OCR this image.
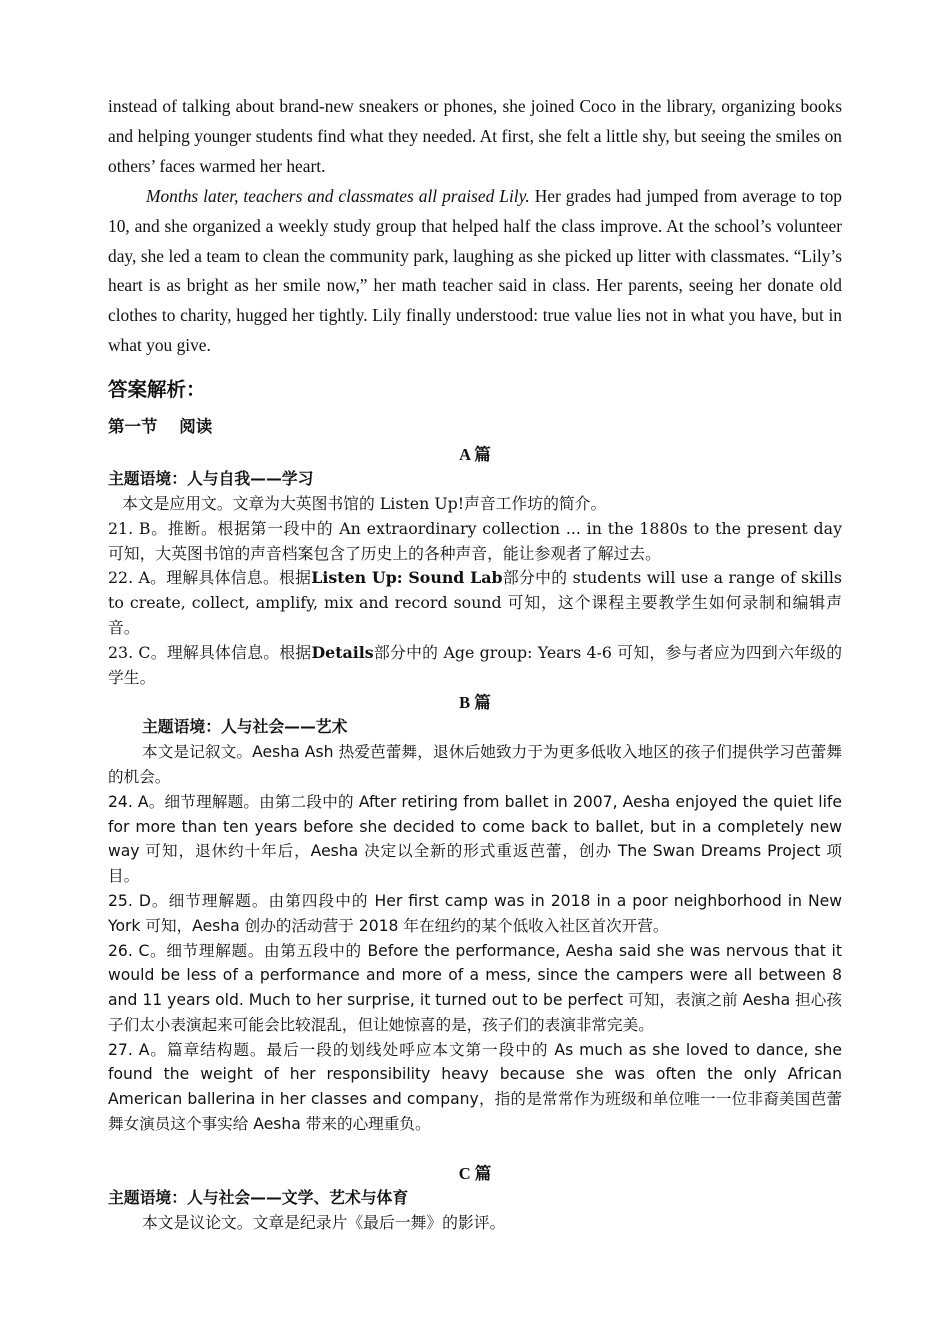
instead of talking about brand-new sneakers or phones, she joined Coco in the library, organizing books and helping younger students find what they needed. At first, she felt a little shy, but seeing the smiles on others’ faces warmed her heart.

Months later, teachers and classmates all praised Lily. Her grades had jumped from average to top 10, and she organized a weekly study group that helped half the class improve. At the school’s volunteer day, she led a team to clean the community park, laughing as she picked up litter with classmates. “Lily’s heart is as bright as her smile now,” her math teacher said in class. Her parents, seeing her donate old clothes to charity, hugged her tightly. Lily finally understood: true value lies not in what you have, but in what you give.

答案解析：
第一节 阅读
A 篇
主题语境：人与自我——学习
本文是应用文。文章为大英图书馆的 Listen Up!声音工作坊的简介。
21. B。推断。根据第一段中的 An extraordinary collection ... in the 1880s to the present day 可知，大英图书馆的声音档案包含了历史上的各种声音，能让参观者了解过去。
22. A。理解具体信息。根据Listen Up: Sound Lab部分中的 students will use a range of skills to create, collect, amplify, mix and record sound 可知，这个课程主要教学生如何录制和编辑声音。
23. C。理解具体信息。根据Details部分中的 Age group: Years 4-6 可知，参与者应为四到六年级的学生。
B 篇
主题语境：人与社会——艺术
本文是记叙文。Aesha Ash 热爱芭蕾舞，退休后她致力于为更多低收入地区的孩子们提供学习芭蕾舞的机会。
24. A。细节理解题。由第二段中的 After retiring from ballet in 2007, Aesha enjoyed the quiet life for more than ten years before she decided to come back to ballet, but in a completely new way 可知，退休约十年后，Aesha 决定以全新的形式重返芭蕾，创办 The Swan Dreams Project 项目。
25. D。细节理解题。由第四段中的 Her first camp was in 2018 in a poor neighborhood in New York 可知，Aesha 创办的活动营于 2018 年在纽约的某个低收入社区首次开营。
26. C。细节理解题。由第五段中的 Before the performance, Aesha said she was nervous that it would be less of a performance and more of a mess, since the campers were all between 8 and 11 years old. Much to her surprise, it turned out to be perfect 可知，表演之前 Aesha 担心孩子们太小表演起来可能会比较混乱，但让她惊喜的是，孩子们的表演非常完美。
27. A。篇章结构题。最后一段的划线处呼应本文第一段中的 As much as she loved to dance, she found the weight of her responsibility heavy because she was often the only African American ballerina in her classes and company，指的是常常作为班级和单位唯一一位非裔美国芭蕾舞女演员这个事实给 Aesha 带来的心理重负。
C 篇
主题语境：人与社会——文学、艺术与体育
本文是议论文。文章是纪录片《最后一舞》的影评。
